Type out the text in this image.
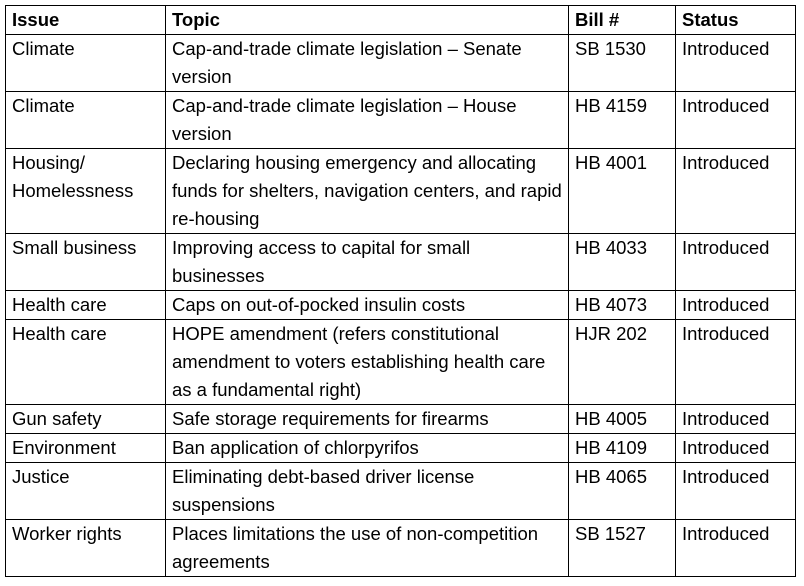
Issue	Topic	Bill #	Status
Climate	Cap-and-trade climate legislation – Senate version	SB 1530	Introduced
Climate	Cap-and-trade climate legislation – House version	HB 4159	Introduced
Housing/ Homelessness	Declaring housing emergency and allocating funds for shelters, navigation centers, and rapid re-housing	HB 4001	Introduced
Small business	Improving access to capital for small businesses	HB 4033	Introduced
Health care	Caps on out-of-pocked insulin costs	HB 4073	Introduced
Health care	HOPE amendment (refers constitutional amendment to voters establishing health care as a fundamental right)	HJR 202	Introduced
Gun safety	Safe storage requirements for firearms	HB 4005	Introduced
Environment	Ban application of chlorpyrifos	HB 4109	Introduced
Justice	Eliminating debt-based driver license suspensions	HB 4065	Introduced
Worker rights	Places limitations the use of non-competition agreements	SB 1527	Introduced
